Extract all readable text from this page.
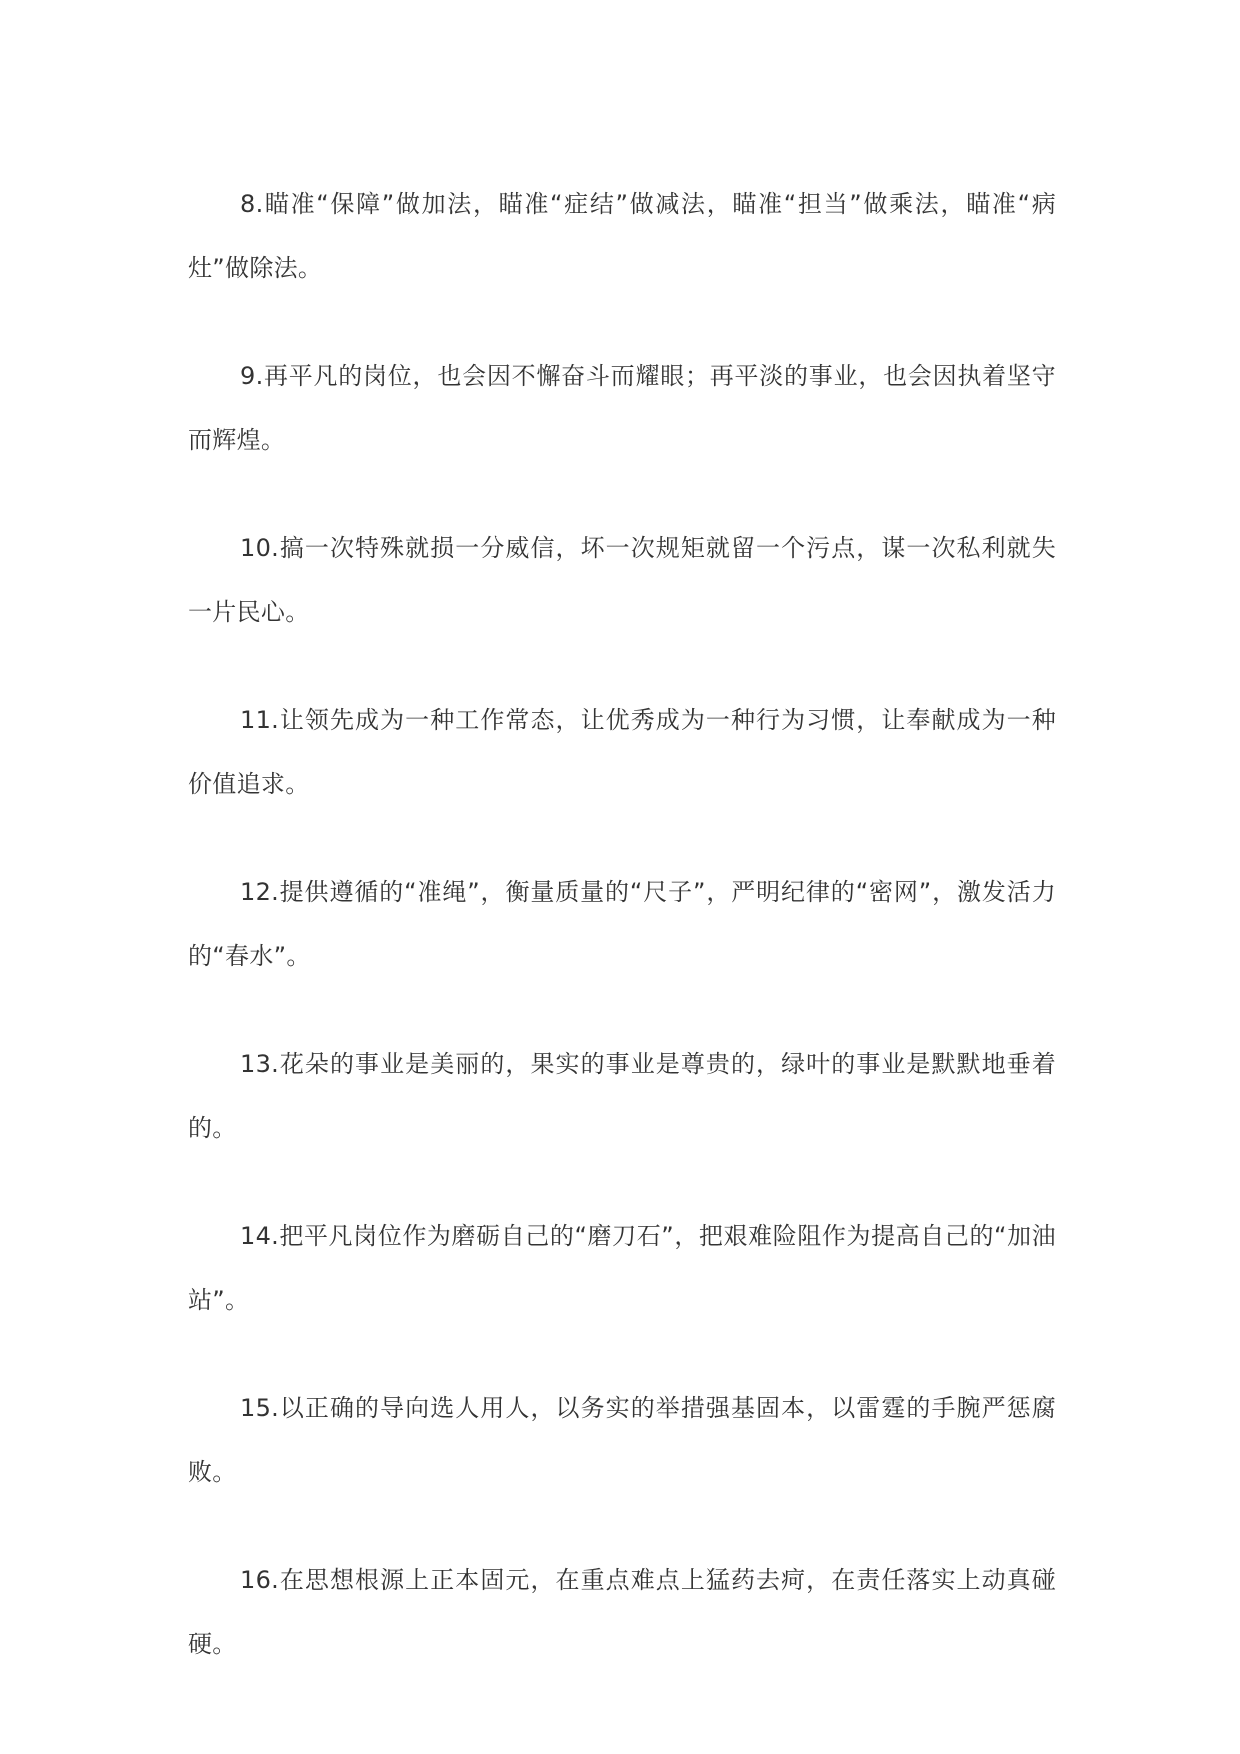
8.瞄准“保障”做加法，瞄准“症结”做减法，瞄准“担当”做乘法，瞄准“病灶”做除法。

9.再平凡的岗位，也会因不懈奋斗而耀眼；再平淡的事业，也会因执着坚守而辉煌。

10.搞一次特殊就损一分威信，坏一次规矩就留一个污点，谋一次私利就失一片民心。

11.让领先成为一种工作常态，让优秀成为一种行为习惯，让奉献成为一种价值追求。

12.提供遵循的“准绳”，衡量质量的“尺子”，严明纪律的“密网”，激发活力的“春水”。

13.花朵的事业是美丽的，果实的事业是尊贵的，绿叶的事业是默默地垂着的。

14.把平凡岗位作为磨砺自己的“磨刀石”，把艰难险阻作为提高自己的“加油站”。

15.以正确的导向选人用人，以务实的举措强基固本，以雷霆的手腕严惩腐败。

16.在思想根源上正本固元，在重点难点上猛药去疴，在责任落实上动真碰硬。
